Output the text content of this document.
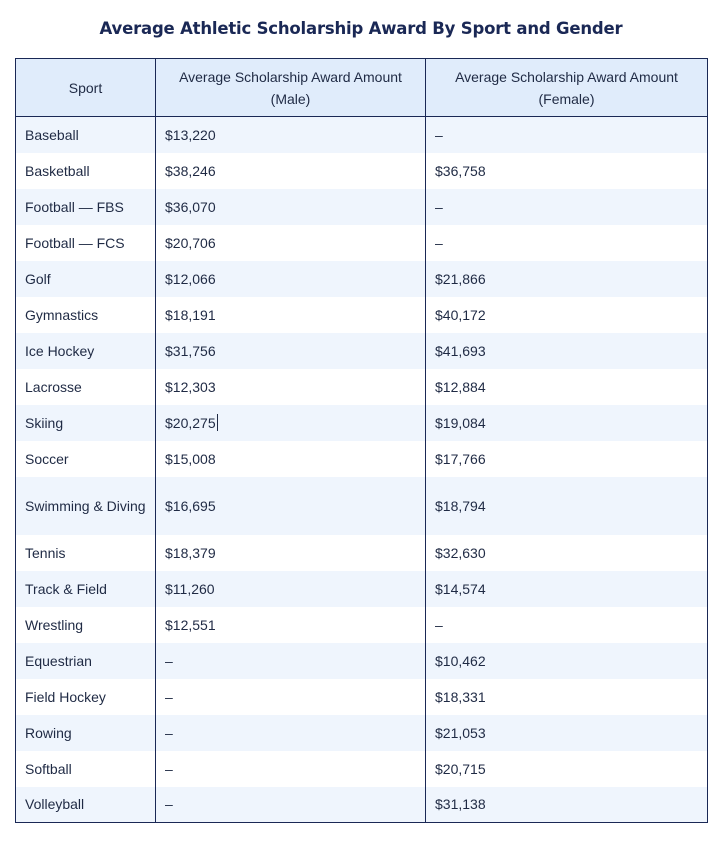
Average Athletic Scholarship Award By Sport and Gender
Sport	Average Scholarship Award Amount (Male)	Average Scholarship Award Amount (Female)
Baseball	$13,220	–
Basketball	$38,246	$36,758
Football — FBS	$36,070	–
Football — FCS	$20,706	–
Golf	$12,066	$21,866
Gymnastics	$18,191	$40,172
Ice Hockey	$31,756	$41,693
Lacrosse	$12,303	$12,884
Skiing	$20,275	$19,084
Soccer	$15,008	$17,766
Swimming & Diving	$16,695	$18,794
Tennis	$18,379	$32,630
Track & Field	$11,260	$14,574
Wrestling	$12,551	–
Equestrian	–	$10,462
Field Hockey	–	$18,331
Rowing	–	$21,053
Softball	–	$20,715
Volleyball	–	$31,138
